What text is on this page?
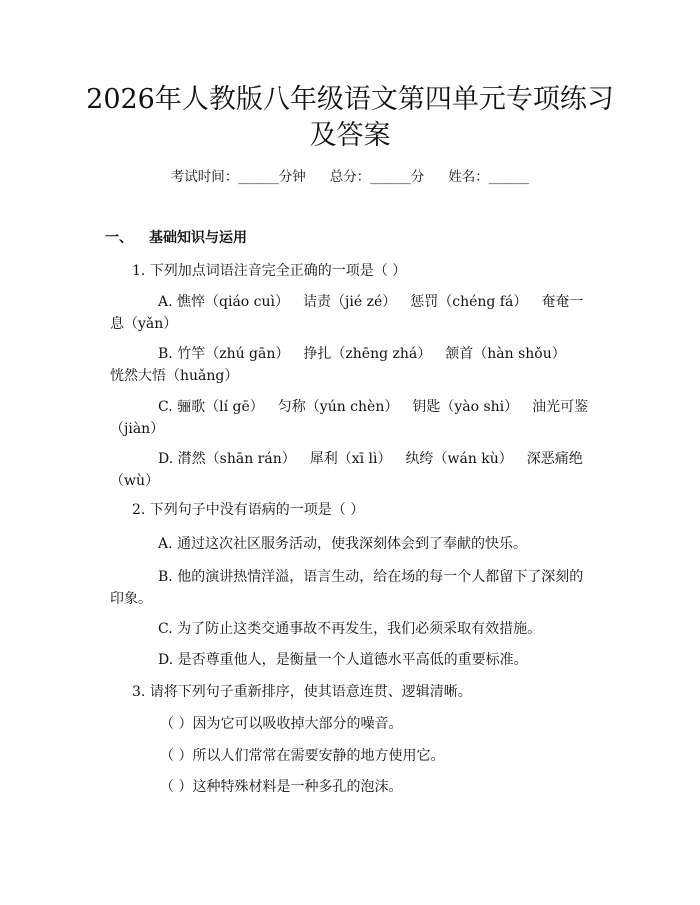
2026年人教版八年级语文第四单元专项练习
及答案
考试时间：______分钟 总分：______分 姓名：______
一、 基础知识与运用
1. 下列加点词语注音完全正确的一项是（ ）
A. 憔悴（qiáo cuì） 诘责（jié zé） 惩罚（chéng fá） 奄奄一息（yǎn）
B. 竹竿（zhú gān） 挣扎（zhēng zhá） 颔首（hàn shǒu）恍然大悟（huǎng）
C. 骊歌（lí gē） 匀称（yún chèn） 钥匙（yào shi） 油光可鉴（jiàn）
D. 潸然（shān rán） 犀利（xī lì） 纨绔（wán kù） 深恶痛绝（wù）
2. 下列句子中没有语病的一项是（ ）
A. 通过这次社区服务活动，使我深刻体会到了奉献的快乐。
B. 他的演讲热情洋溢，语言生动，给在场的每一个人都留下了深刻的印象。
C. 为了防止这类交通事故不再发生，我们必须采取有效措施。
D. 是否尊重他人，是衡量一个人道德水平高低的重要标准。
3. 请将下列句子重新排序，使其语意连贯、逻辑清晰。
（ ）因为它可以吸收掉大部分的噪音。
（ ）所以人们常常在需要安静的地方使用它。
（ ）这种特殊材料是一种多孔的泡沫。
